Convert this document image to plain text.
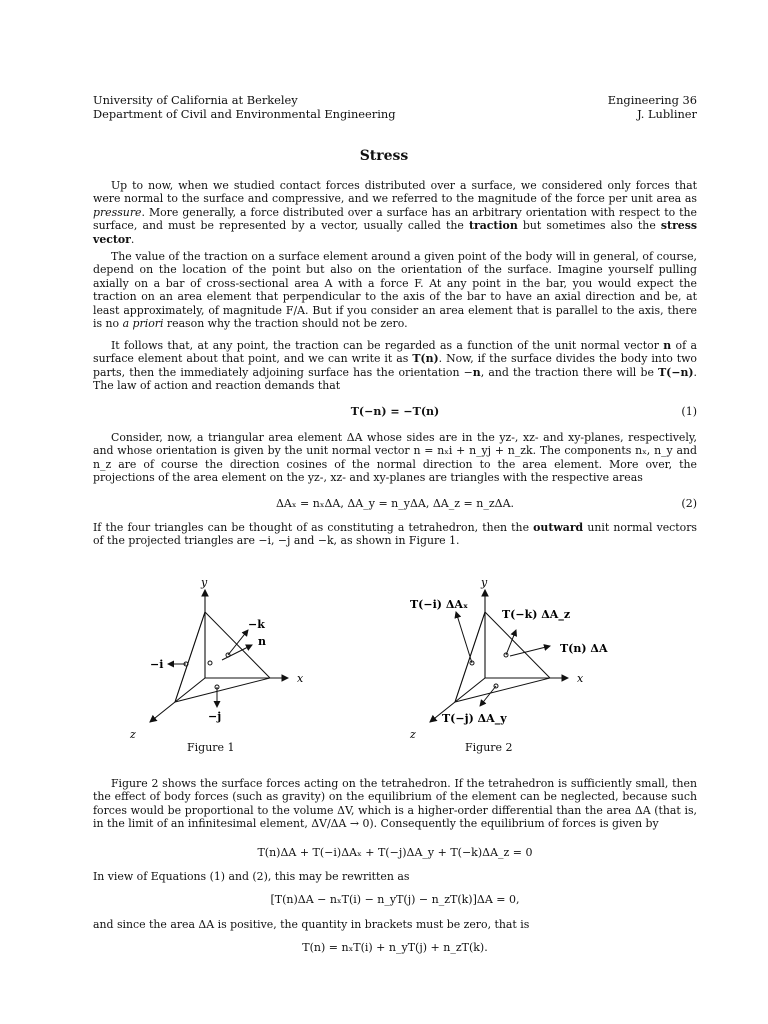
University of California at Berkeley
Department of Civil and Environmental Engineering
Engineering 36
J. Lubliner
Stress
Up to now, when we studied contact forces distributed over a surface, we considered only forces that were normal to the surface and compressive, and we referred to the magnitude of the force per unit area as pressure. More generally, a force distributed over a surface has an arbitrary orientation with respect to the surface, and must be represented by a vector, usually called the traction but sometimes also the stress vector.
The value of the traction on a surface element around a given point of the body will in general, of course, depend on the location of the point but also on the orientation of the surface. Imagine yourself pulling axially on a bar of cross-sectional area A with a force F. At any point in the bar, you would expect the traction on an area element that perpendicular to the axis of the bar to have an axial direction and be, at least approximately, of magnitude F/A. But if you consider an area element that is parallel to the axis, there is no a priori reason why the traction should not be zero.
It follows that, at any point, the traction can be regarded as a function of the unit normal vector n of a surface element about that point, and we can write it as T(n). Now, if the surface divides the body into two parts, then the immediately adjoining surface has the orientation −n, and the traction there will be T(−n). The law of action and reaction demands that
T(−n) = −T(n)	(1)
Consider, now, a triangular area element ΔA whose sides are in the yz-, xz- and xy-planes, respectively, and whose orientation is given by the unit normal vector n = nₓi + n_yj + n_zk. The components nₓ, n_y and n_z are of course the direction cosines of the normal direction to the area element. More over, the projections of the area element on the yz-, xz- and xy-planes are triangles with the respective areas
ΔAₓ = nₓΔA, ΔA_y = n_yΔA, ΔA_z = n_zΔA.	(2)
If the four triangles can be thought of as constituting a tetrahedron, then the outward unit normal vectors of the projected triangles are −i, −j and −k, as shown in Figure 1.
y
x
z
−k
n
−i
−j
Figure 1
y
x
z
T(−i) ΔAₓ
T(−k) ΔA_z
T(n) ΔA
T(−j) ΔA_y
Figure 2
Figure 2 shows the surface forces acting on the tetrahedron. If the tetrahedron is sufficiently small, then the effect of body forces (such as gravity) on the equilibrium of the element can be neglected, because such forces would be proportional to the volume ΔV, which is a higher-order differential than the area ΔA (that is, in the limit of an infinitesimal element, ΔV/ΔA → 0). Consequently the equilibrium of forces is given by
T(n)ΔA + T(−i)ΔAₓ + T(−j)ΔA_y + T(−k)ΔA_z = 0
In view of Equations (1) and (2), this may be rewritten as
[T(n)ΔA − nₓT(i) − n_yT(j) − n_zT(k)]ΔA = 0,
and since the area ΔA is positive, the quantity in brackets must be zero, that is
T(n) = nₓT(i) + n_yT(j) + n_zT(k).
